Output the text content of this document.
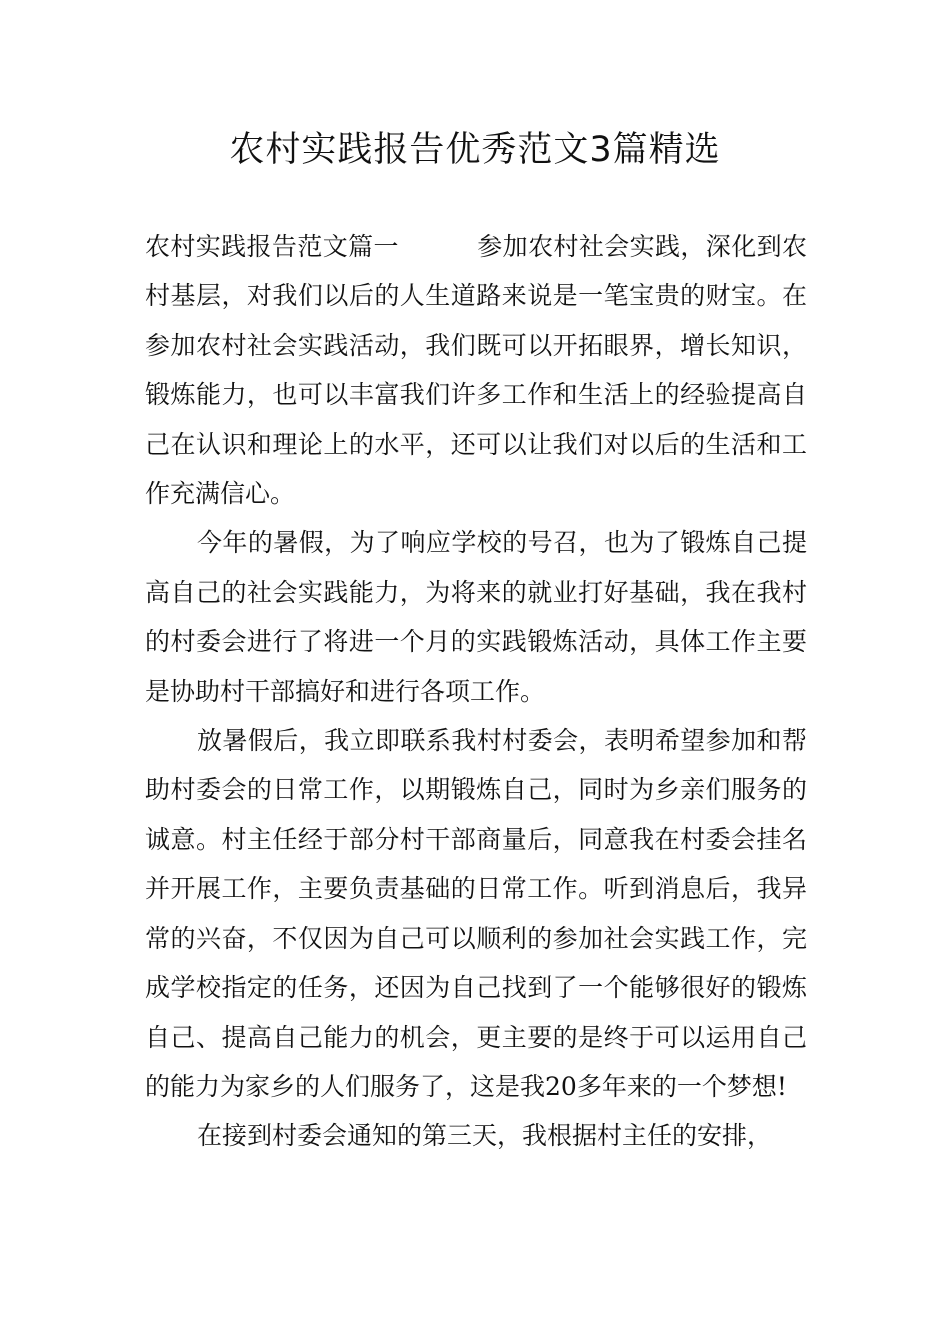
农村实践报告优秀范文3篇精选

农村实践报告范文篇一	参加农村社会实践，深化到农村基层，对我们以后的人生道路来说是一笔宝贵的财宝。在参加农村社会实践活动，我们既可以开拓眼界，增长知识，锻炼能力，也可以丰富我们许多工作和生活上的经验提高自己在认识和理论上的水平，还可以让我们对以后的生活和工作充满信心。

今年的暑假，为了响应学校的号召，也为了锻炼自己提高自己的社会实践能力，为将来的就业打好基础，我在我村的村委会进行了将进一个月的实践锻炼活动，具体工作主要是协助村干部搞好和进行各项工作。

放暑假后，我立即联系我村村委会，表明希望参加和帮助村委会的日常工作，以期锻炼自己，同时为乡亲们服务的诚意。村主任经于部分村干部商量后，同意我在村委会挂名并开展工作，主要负责基础的日常工作。听到消息后，我异常的兴奋，不仅因为自己可以顺利的参加社会实践工作，完成学校指定的任务，还因为自己找到了一个能够很好的锻炼自己、提高自己能力的机会，更主要的是终于可以运用自己的能力为家乡的人们服务了，这是我20多年来的一个梦想!

在接到村委会通知的第三天，我根据村主任的安排，
